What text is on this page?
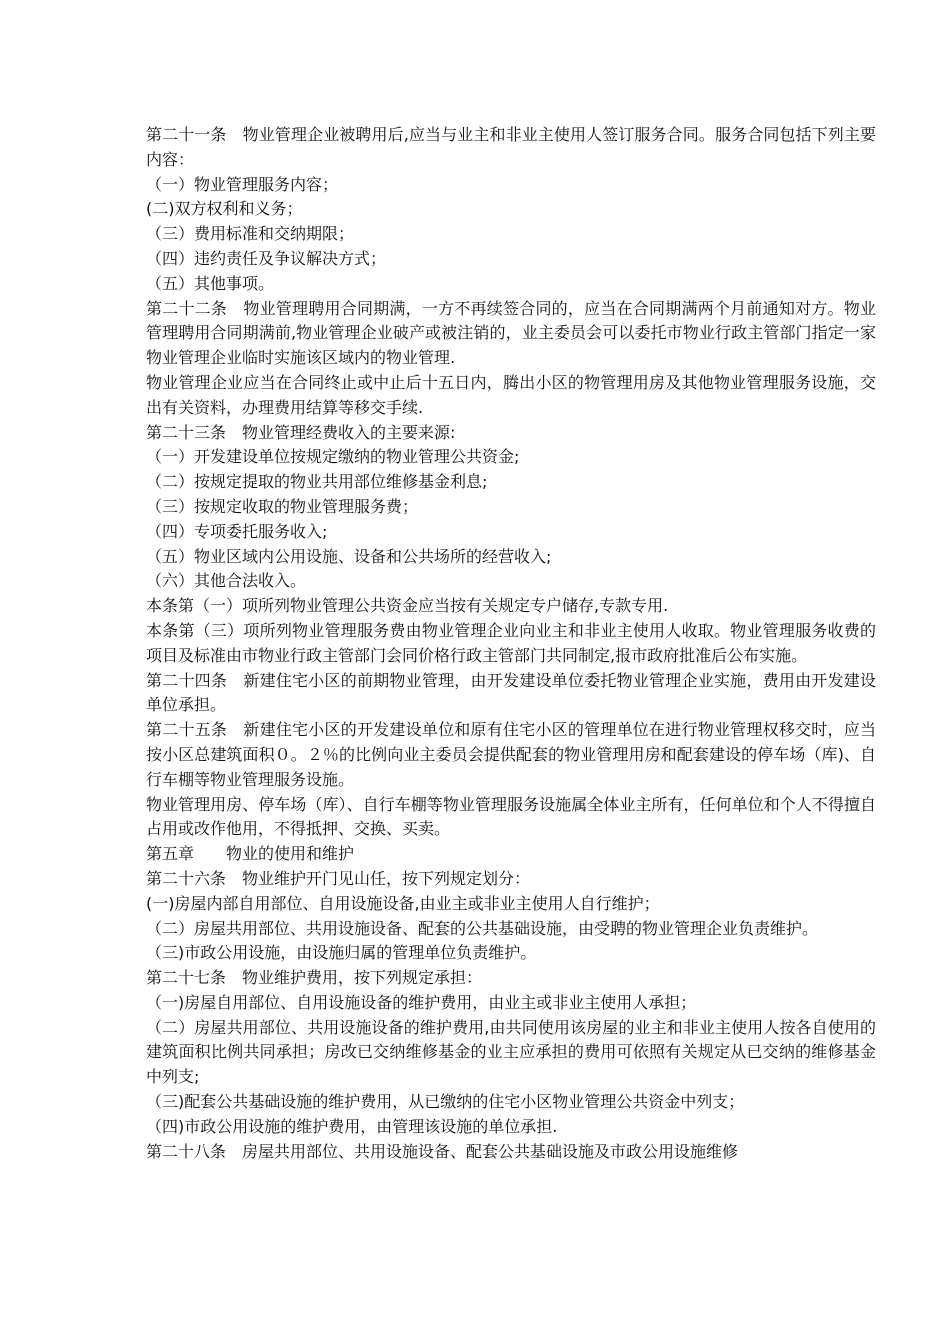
第二十一条　物业管理企业被聘用后,应当与业主和非业主使用人签订服务合同。服务合同包括下列主要内容：

（一）物业管理服务内容；

(二)双方权利和义务；

（三）费用标准和交纳期限；

（四）违约责任及争议解决方式；

（五）其他事项。

第二十二条　物业管理聘用合同期满，一方不再续签合同的，应当在合同期满两个月前通知对方。物业管理聘用合同期满前,物业管理企业破产或被注销的，业主委员会可以委托市物业行政主管部门指定一家物业管理企业临时实施该区域内的物业管理.

物业管理企业应当在合同终止或中止后十五日内，腾出小区的物管理用房及其他物业管理服务设施，交出有关资料，办理费用结算等移交手续.

第二十三条　物业管理经费收入的主要来源:

（一）开发建设单位按规定缴纳的物业管理公共资金;

（二）按规定提取的物业共用部位维修基金利息;

（三）按规定收取的物业管理服务费；

（四）专项委托服务收入;

（五）物业区域内公用设施、设备和公共场所的经营收入;

（六）其他合法收入。

本条第（一）项所列物业管理公共资金应当按有关规定专户储存,专款专用.

本条第（三）项所列物业管理服务费由物业管理企业向业主和非业主使用人收取。物业管理服务收费的项目及标准由市物业行政主管部门会同价格行政主管部门共同制定,报市政府批准后公布实施。

第二十四条　新建住宅小区的前期物业管理，由开发建设单位委托物业管理企业实施，费用由开发建设单位承担。

第二十五条　新建住宅小区的开发建设单位和原有住宅小区的管理单位在进行物业管理权移交时，应当按小区总建筑面积０。２％的比例向业主委员会提供配套的物业管理用房和配套建设的停车场（库)、自行车棚等物业管理服务设施。

物业管理用房、停车场（库）、自行车棚等物业管理服务设施属全体业主所有，任何单位和个人不得擅自占用或改作他用，不得抵押、交换、买卖。

第五章　　物业的使用和维护

第二十六条　物业维护开门见山任，按下列规定划分：

(一)房屋内部自用部位、自用设施设备,由业主或非业主使用人自行维护；

（二）房屋共用部位、共用设施设备、配套的公共基础设施，由受聘的物业管理企业负责维护。

（三)市政公用设施，由设施归属的管理单位负责维护。

第二十七条　物业维护费用，按下列规定承担：

（一)房屋自用部位、自用设施设备的维护费用，由业主或非业主使用人承担；

（二）房屋共用部位、共用设施设备的维护费用,由共同使用该房屋的业主和非业主使用人按各自使用的建筑面积比例共同承担；房改已交纳维修基金的业主应承担的费用可依照有关规定从已交纳的维修基金中列支;

（三)配套公共基础设施的维护费用，从已缴纳的住宅小区物业管理公共资金中列支；

（四)市政公用设施的维护费用，由管理该设施的单位承担.

第二十八条　房屋共用部位、共用设施设备、配套公共基础设施及市政公用设施维修
